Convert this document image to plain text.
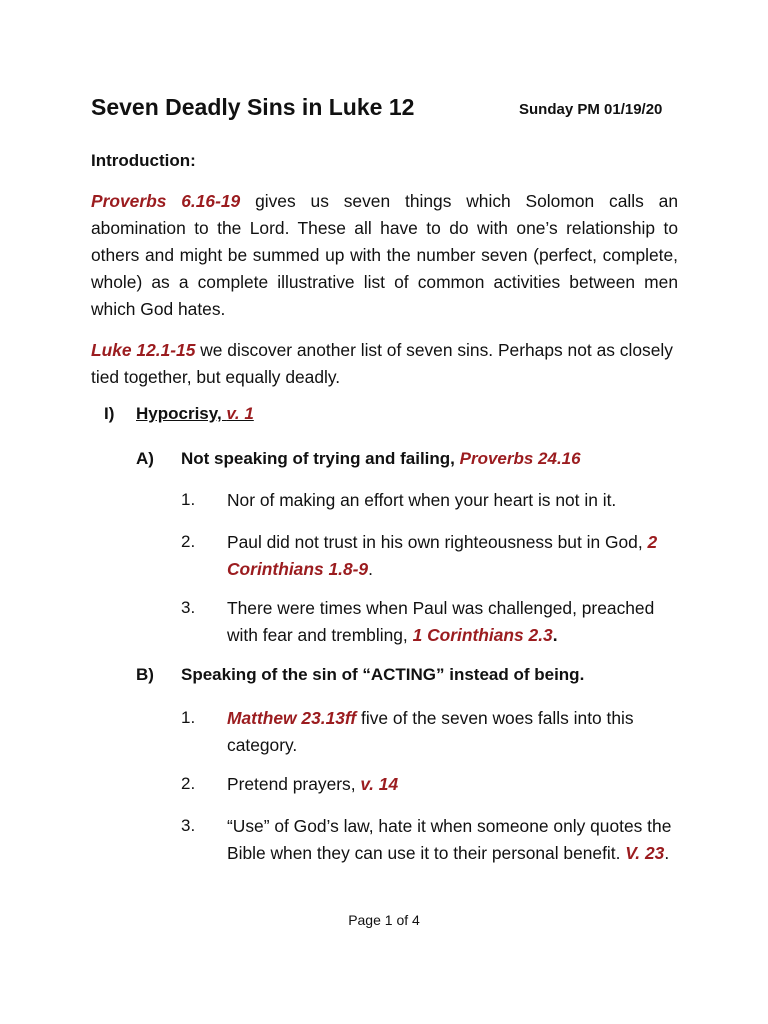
Seven Deadly Sins in Luke 12	Sunday PM 01/19/20
Introduction:

Proverbs 6.16-19 gives us seven things which Solomon calls an abomination to the Lord. These all have to do with one’s relationship to others and might be summed up with the number seven (perfect, complete, whole) as a complete illustrative list of common activities between men which God hates.

Luke 12.1-15 we discover another list of seven sins. Perhaps not as closely tied together, but equally deadly.

I) Hypocrisy, v. 1
A) Not speaking of trying and failing, Proverbs 24.16
1. Nor of making an effort when your heart is not in it.

2. Paul did not trust in his own righteousness but in God, 2 Corinthians 1.8-9.

3. There were times when Paul was challenged, preached with fear and trembling, 1 Corinthians 2.3.

B) Speaking of the sin of “ACTING” instead of being.
1. Matthew 23.13ff five of the seven woes falls into this category.

2. Pretend prayers, v. 14

3. “Use” of God’s law, hate it when someone only quotes the Bible when they can use it to their personal benefit. V. 23.

Page 1 of 4
